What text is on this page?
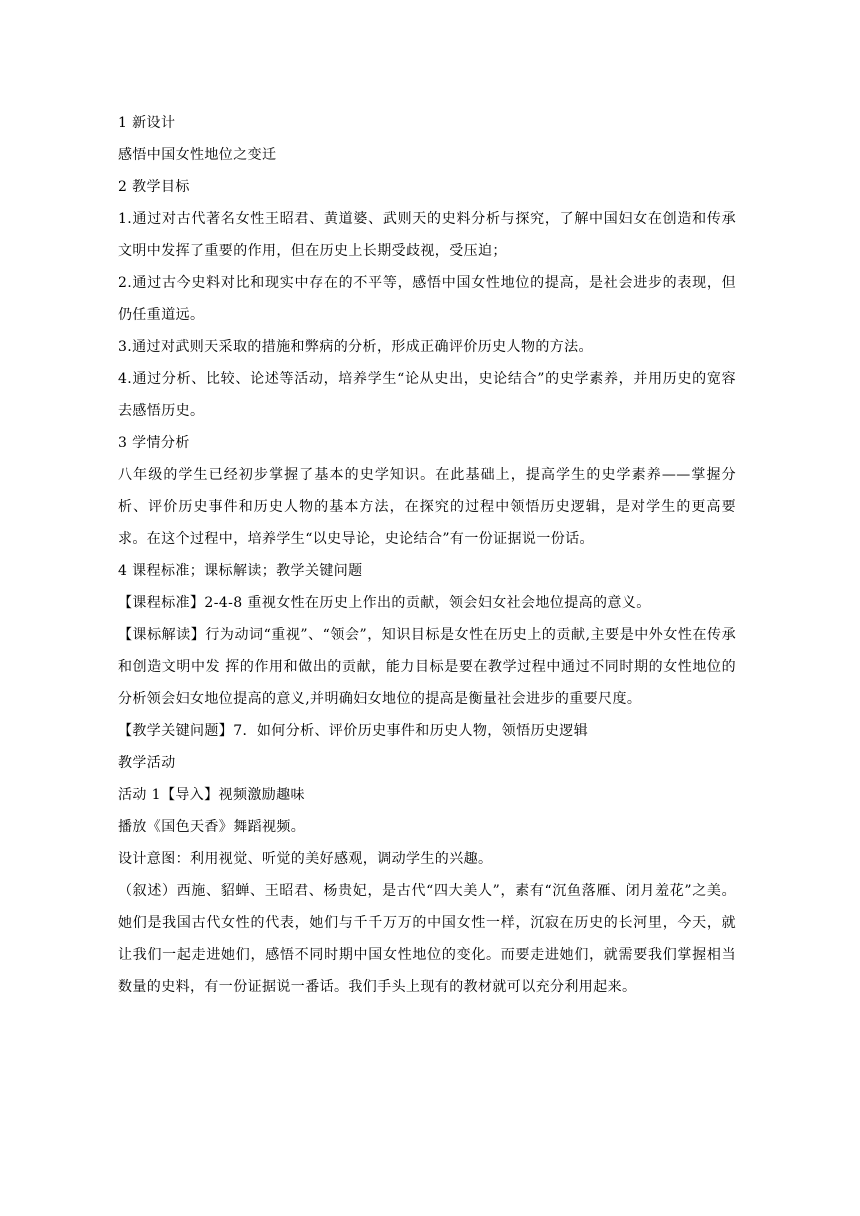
1 新设计

感悟中国女性地位之变迁

2 教学目标

1.通过对古代著名女性王昭君、黄道婆、武则天的史料分析与探究，了解中国妇女在创造和传承文明中发挥了重要的作用，但在历史上长期受歧视，受压迫；

2.通过古今史料对比和现实中存在的不平等，感悟中国女性地位的提高，是社会进步的表现，但仍任重道远。

3.通过对武则天采取的措施和弊病的分析，形成正确评价历史人物的方法。

4.通过分析、比较、论述等活动，培养学生“论从史出，史论结合”的史学素养，并用历史的宽容去感悟历史。

3 学情分析

八年级的学生已经初步掌握了基本的史学知识。在此基础上，提高学生的史学素养——掌握分析、评价历史事件和历史人物的基本方法，在探究的过程中领悟历史逻辑，是对学生的更高要求。在这个过程中，培养学生“以史导论，史论结合”有一份证据说一份话。

4 课程标准；课标解读；教学关键问题

【课程标准】2-4-8 重视女性在历史上作出的贡献，领会妇女社会地位提高的意义。

【课标解读】行为动词“重视”、“领会”，知识目标是女性在历史上的贡献,主要是中外女性在传承和创造文明中发 挥的作用和做出的贡献，能力目标是要在教学过程中通过不同时期的女性地位的分析领会妇女地位提高的意义,并明确妇女地位的提高是衡量社会进步的重要尺度。

【教学关键问题】7．如何分析、评价历史事件和历史人物，领悟历史逻辑

教学活动

活动 1【导入】视频激励趣味

播放《国色天香》舞蹈视频。

设计意图：利用视觉、听觉的美好感观，调动学生的兴趣。

（叙述）西施、貂蝉、王昭君、杨贵妃，是古代“四大美人”，素有“沉鱼落雁、闭月羞花”之美。她们是我国古代女性的代表，她们与千千万万的中国女性一样，沉寂在历史的长河里，今天，就让我们一起走进她们，感悟不同时期中国女性地位的变化。而要走进她们，就需要我们掌握相当数量的史料，有一份证据说一番话。我们手头上现有的教材就可以充分利用起来。
